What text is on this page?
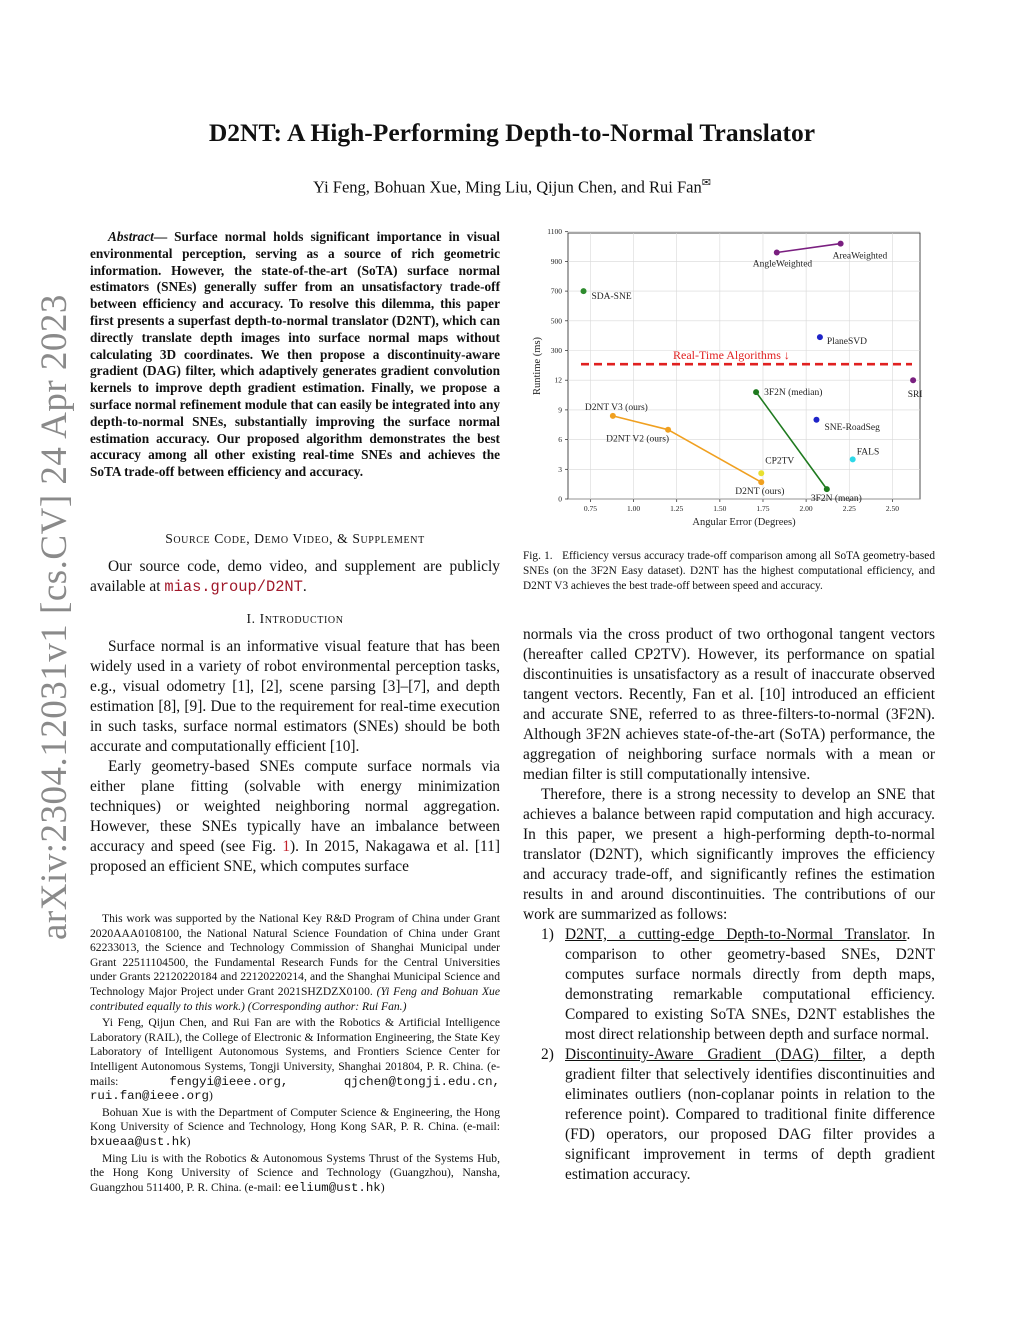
arXiv:2304.12031v1 [cs.CV] 24 Apr 2023
D2NT: A High-Performing Depth-to-Normal Translator
Yi Feng, Bohuan Xue, Ming Liu, Qijun Chen, and Rui Fan✉
Abstract— Surface normal holds significant importance in visual environmental perception, serving as a source of rich geometric information. However, the state-of-the-art (SoTA) surface normal estimators (SNEs) generally suffer from an unsatisfactory trade-off between efficiency and accuracy. To resolve this dilemma, this paper first presents a superfast depth-to-normal translator (D2NT), which can directly translate depth images into surface normal maps without calculating 3D coordinates. We then propose a discontinuity-aware gradient (DAG) filter, which adaptively generates gradient convolution kernels to improve depth gradient estimation. Finally, we propose a surface normal refinement module that can easily be integrated into any depth-to-normal SNEs, substantially improving the surface normal estimation accuracy. Our proposed algorithm demonstrates the best accuracy among all other existing real-time SNEs and achieves the SoTA trade-off between efficiency and accuracy.
Source Code, Demo Video, & Supplement

Our source code, demo video, and supplement are publicly available at mias.group/D2NT.

I. Introduction

Surface normal is an informative visual feature that has been widely used in a variety of robot environmental perception tasks, e.g., visual odometry [1], [2], scene parsing [3]–[7], and depth estimation [8], [9]. Due to the requirement for real-time execution in such tasks, surface normal estimators (SNEs) should be both accurate and computationally efficient [10].

Early geometry-based SNEs compute surface normals via either plane fitting (solvable with energy minimization techniques) or weighted neighboring normal aggregation. However, these SNEs typically have an imbalance between accuracy and speed (see Fig. 1). In 2015, Nakagawa et al. [11] proposed an efficient SNE, which computes surface

This work was supported by the National Key R&D Program of China under Grant 2020AAA0108100, the National Natural Science Foundation of China under Grant 62233013, the Science and Technology Commission of Shanghai Municipal under Grant 22511104500, the Fundamental Research Funds for the Central Universities under Grants 22120220184 and 22120220214, and the Shanghai Municipal Science and Technology Major Project under Grant 2021SHZDZX0100. (Yi Feng and Bohuan Xue contributed equally to this work.) (Corresponding author: Rui Fan.)

Yi Feng, Qijun Chen, and Rui Fan are with the Robotics & Artificial Intelligence Laboratory (RAIL), the College of Electronic & Information Engineering, the State Key Laboratory of Intelligent Autonomous Systems, and Frontiers Science Center for Intelligent Autonomous Systems, Tongji University, Shanghai 201804, P. R. China. (e-mails:	fengyi@ieee.org, qjchen@tongji.edu.cn, rui.fan@ieee.org)

Bohuan Xue is with the Department of Computer Science & Engineering, the Hong Kong University of Science and Technology, Hong Kong SAR, P. R. China. (e-mail: bxueaa@ust.hk)

Ming Liu is with the Robotics & Autonomous Systems Thrust of the Systems Hub, the Hong Kong University of Science and Technology (Guangzhou), Nansha, Guangzhou 511400, P. R. China. (e-mail: eelium@ust.hk)

0.75	1.00	1.25	1.50	1.75	2.00	2.25	2.50
0
3
6
9
12
300
500
700
900
1100
Angular Error (Degrees)
Runtime (ms)	Real-Time Algorithms ↓
SDA-SNE
AngleWeighted
AreaWeighted
PlaneSVD
SRI
3F2N (median)
3F2N (mean)
SNE-RoadSeg
FALS
CP2TV
D2NT V3 (ours)
D2NT V2 (ours)
D2NT (ours)
Fig. 1. Efficiency versus accuracy trade-off comparison among all SoTA geometry-based SNEs (on the 3F2N Easy dataset). D2NT has the highest computational efficiency, and D2NT V3 achieves the best trade-off between speed and accuracy.

normals via the cross product of two orthogonal tangent vectors (hereafter called CP2TV). However, its performance on spatial discontinuities is unsatisfactory as a result of inaccurate observed tangent vectors. Recently, Fan et al. [10] introduced an efficient and accurate SNE, referred to as three-filters-to-normal (3F2N). Although 3F2N achieves state-of-the-art (SoTA) performance, the aggregation of neighboring surface normals with a mean or median filter is still computationally intensive.

Therefore, there is a strong necessity to develop an SNE that achieves a balance between rapid computation and high accuracy. In this paper, we present a high-performing depth-to-normal translator (D2NT), which significantly improves the efficiency and accuracy trade-off, and significantly refines the estimation results in and around discontinuities. The contributions of our work are summarized as follows:

1) D2NT, a cutting-edge Depth-to-Normal Translator. In comparison to other geometry-based SNEs, D2NT computes surface normals directly from depth maps, demonstrating remarkable computational efficiency. Compared to existing SoTA SNEs, D2NT establishes the most direct relationship between depth and surface normal.

2) Discontinuity-Aware Gradient (DAG) filter, a depth gradient filter that selectively identifies discontinuities and eliminates outliers (non-coplanar points in relation to the reference point). Compared to traditional finite difference (FD) operators, our proposed DAG filter provides a significant improvement in terms of depth gradient estimation accuracy.
